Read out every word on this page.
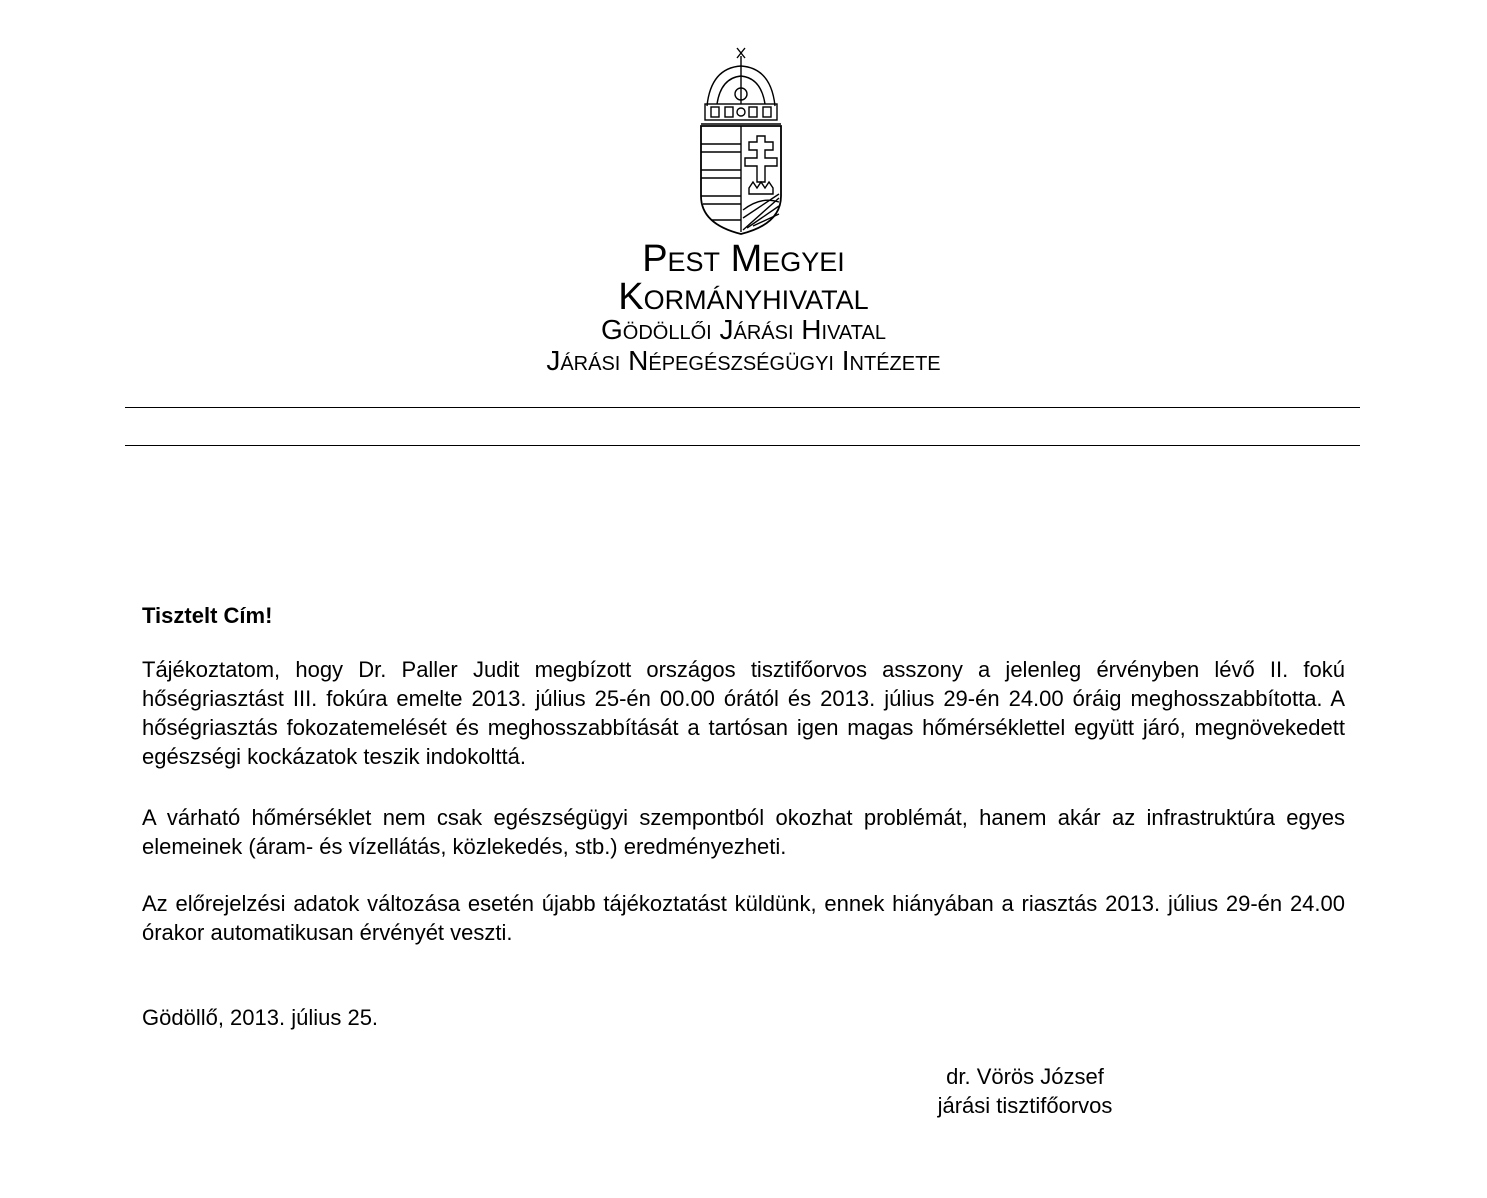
Pest Megyei
Kormányhivatal
Gödöllői Járási Hivatal
Járási Népegészségügyi Intézete
Tisztelt Cím!
Tájékoztatom, hogy Dr. Paller Judit megbízott országos tisztifőorvos asszony a jelenleg érvényben lévő II. fokú hőségriasztást III. fokúra emelte 2013. július 25-én 00.00 órától és 2013. július 29-én 24.00 óráig meghosszabbította. A hőségriasztás fokozatemelését és meghosszabbítását a tartósan igen magas hőmérséklettel együtt járó, megnövekedett egészségi kockázatok teszik indokolttá.
A várható hőmérséklet nem csak egészségügyi szempontból okozhat problémát, hanem akár az infrastruktúra egyes elemeinek (áram- és vízellátás, közlekedés, stb.) eredményezheti.
Az előrejelzési adatok változása esetén újabb tájékoztatást küldünk, ennek hiányában a riasztás 2013. július 29-én 24.00 órakor automatikusan érvényét veszti.
Gödöllő, 2013. július 25.
dr. Vörös József
járási tisztifőorvos
